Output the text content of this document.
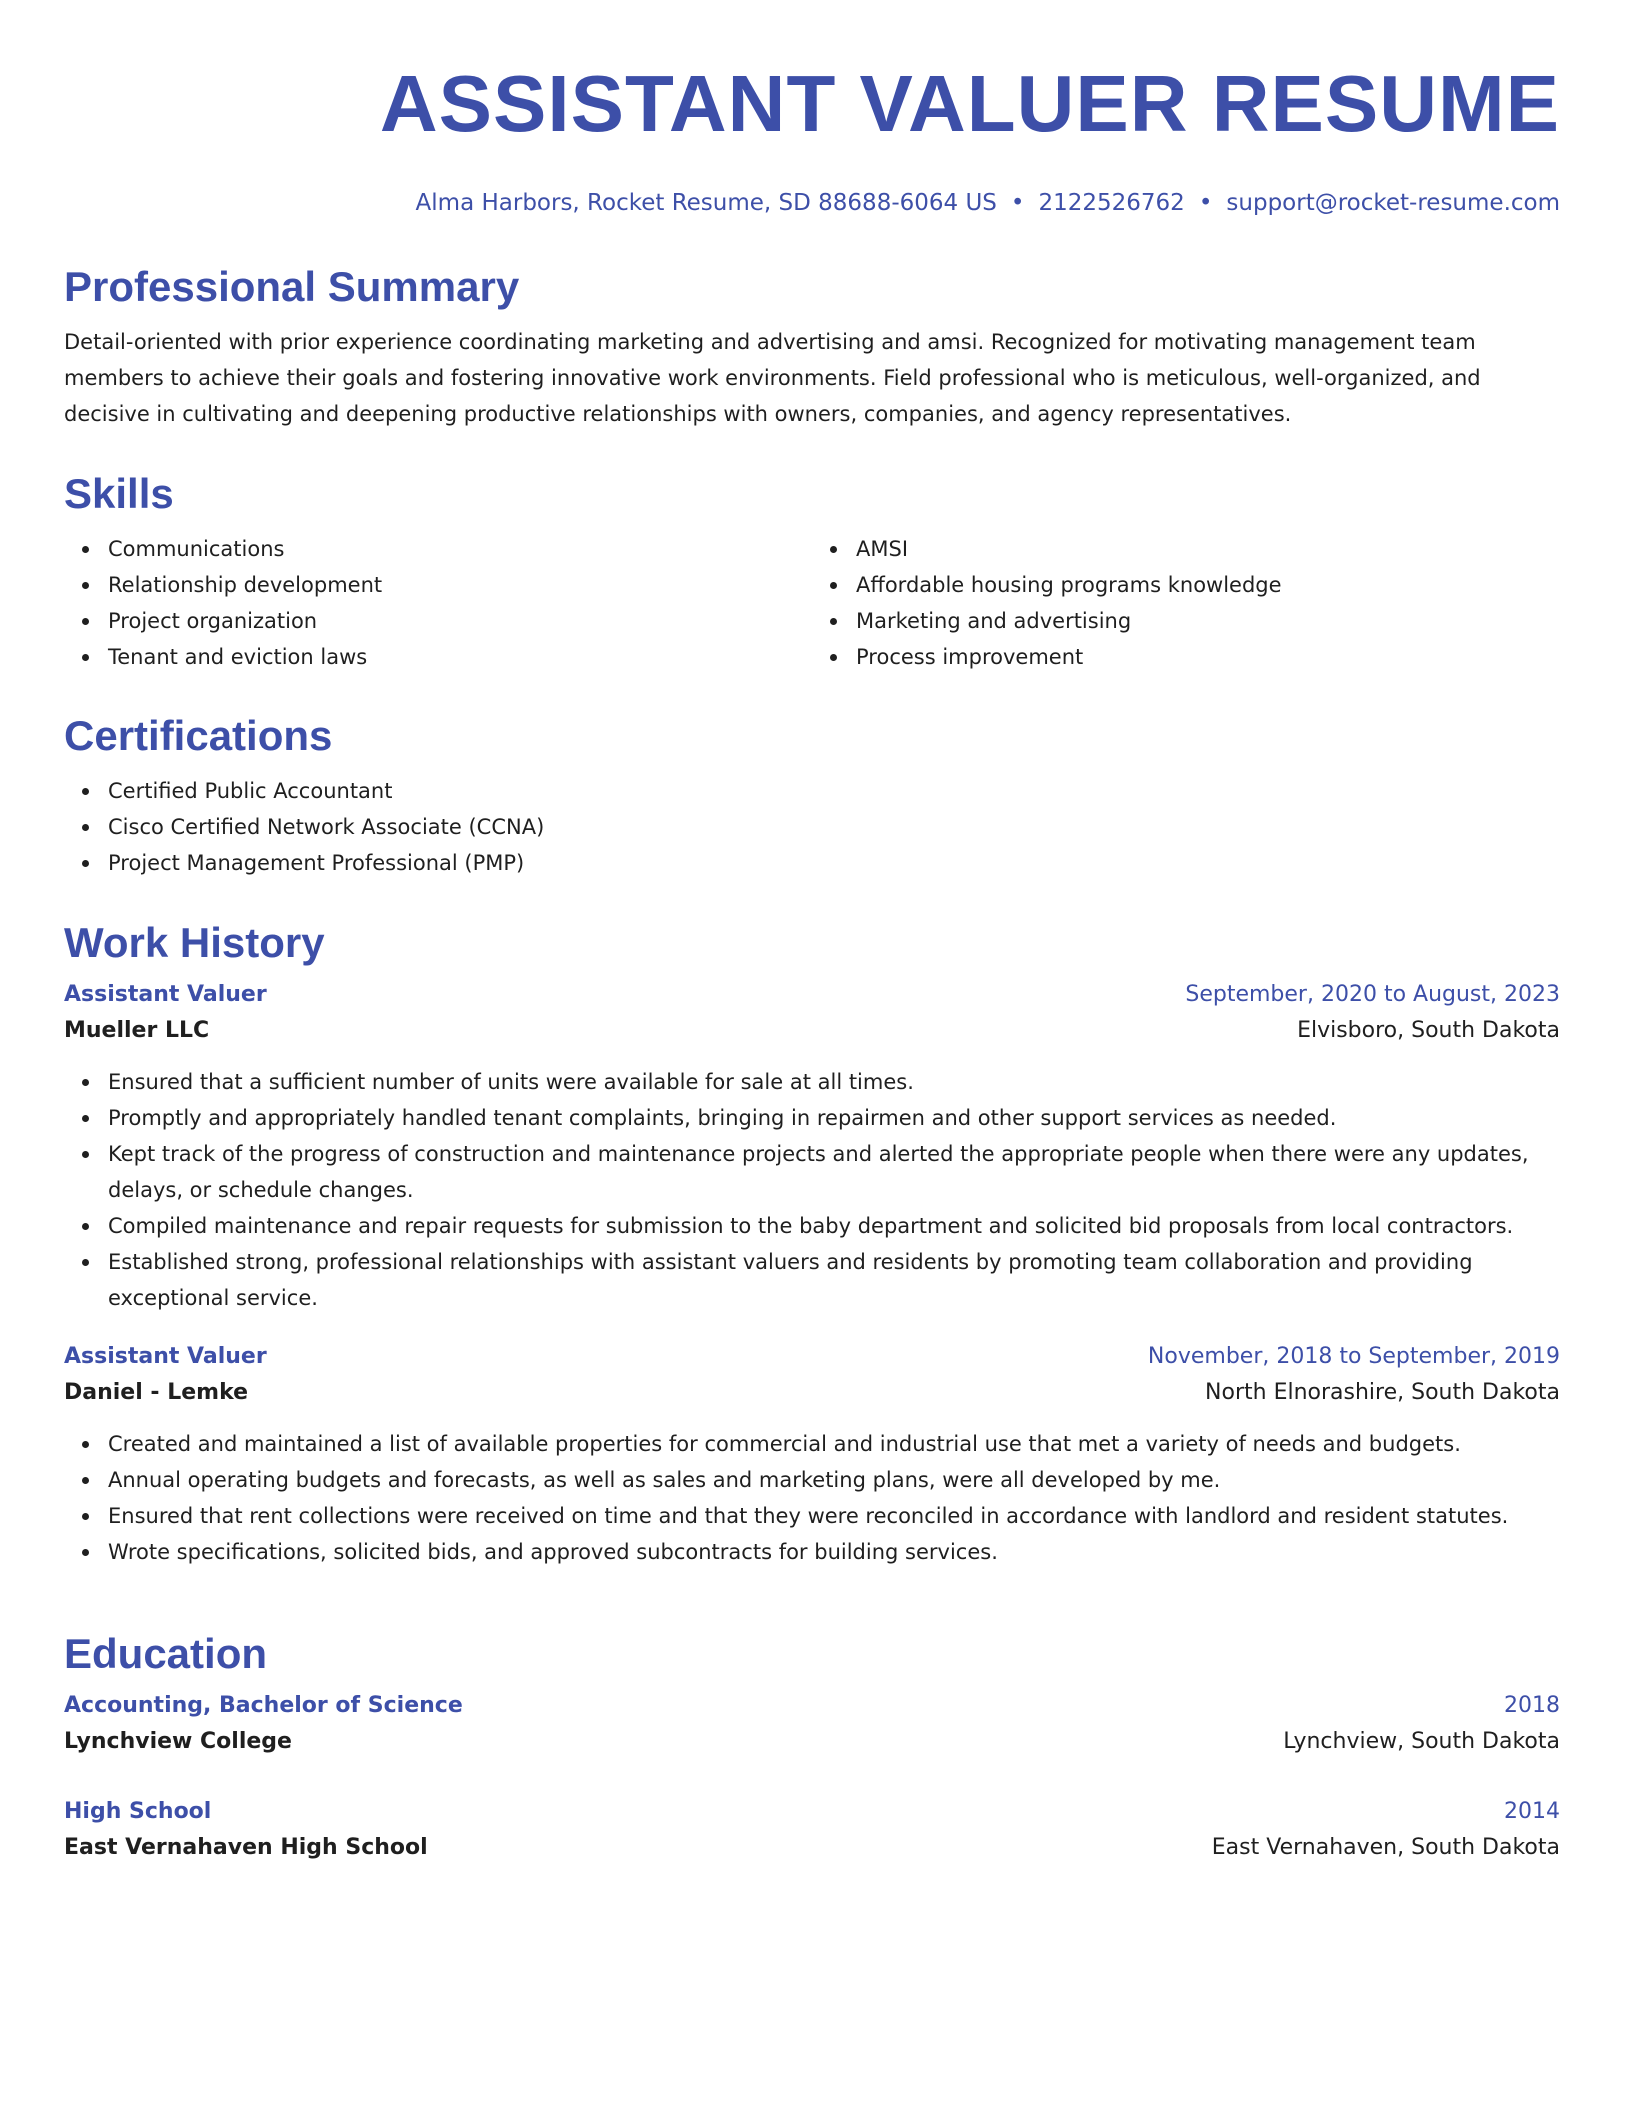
ASSISTANT VALUER RESUME
Alma Harbors, Rocket Resume, SD 88688-6064 US • 2122526762 • support@rocket-resume.com
Professional Summary

Detail-oriented with prior experience coordinating marketing and advertising and amsi. Recognized for motivating management team members to achieve their goals and fostering innovative work environments. Field professional who is meticulous, well-organized, and decisive in cultivating and deepening productive relationships with owners, companies, and agency representatives.

Skills
Communications
Relationship development
Project organization
Tenant and eviction laws
AMSI
Affordable housing programs knowledge
Marketing and advertising
Process improvement
Certifications
Certified Public Accountant
Cisco Certified Network Associate (CCNA)
Project Management Professional (PMP)
Work History
Assistant Valuer	September, 2020 to August, 2023
Mueller LLC	Elvisboro, South Dakota
Ensured that a sufficient number of units were available for sale at all times.
Promptly and appropriately handled tenant complaints, bringing in repairmen and other support services as needed.
Kept track of the progress of construction and maintenance projects and alerted the appropriate people when there were any updates, delays, or schedule changes.
Compiled maintenance and repair requests for submission to the baby department and solicited bid proposals from local contractors.
Established strong, professional relationships with assistant valuers and residents by promoting team collaboration and providing exceptional service.
Assistant Valuer	November, 2018 to September, 2019
Daniel - Lemke	North Elnorashire, South Dakota
Created and maintained a list of available properties for commercial and industrial use that met a variety of needs and budgets.
Annual operating budgets and forecasts, as well as sales and marketing plans, were all developed by me.
Ensured that rent collections were received on time and that they were reconciled in accordance with landlord and resident statutes.
Wrote specifications, solicited bids, and approved subcontracts for building services.
Education
Accounting, Bachelor of Science	2018
Lynchview College	Lynchview, South Dakota
High School	2014
East Vernahaven High School	East Vernahaven, South Dakota
